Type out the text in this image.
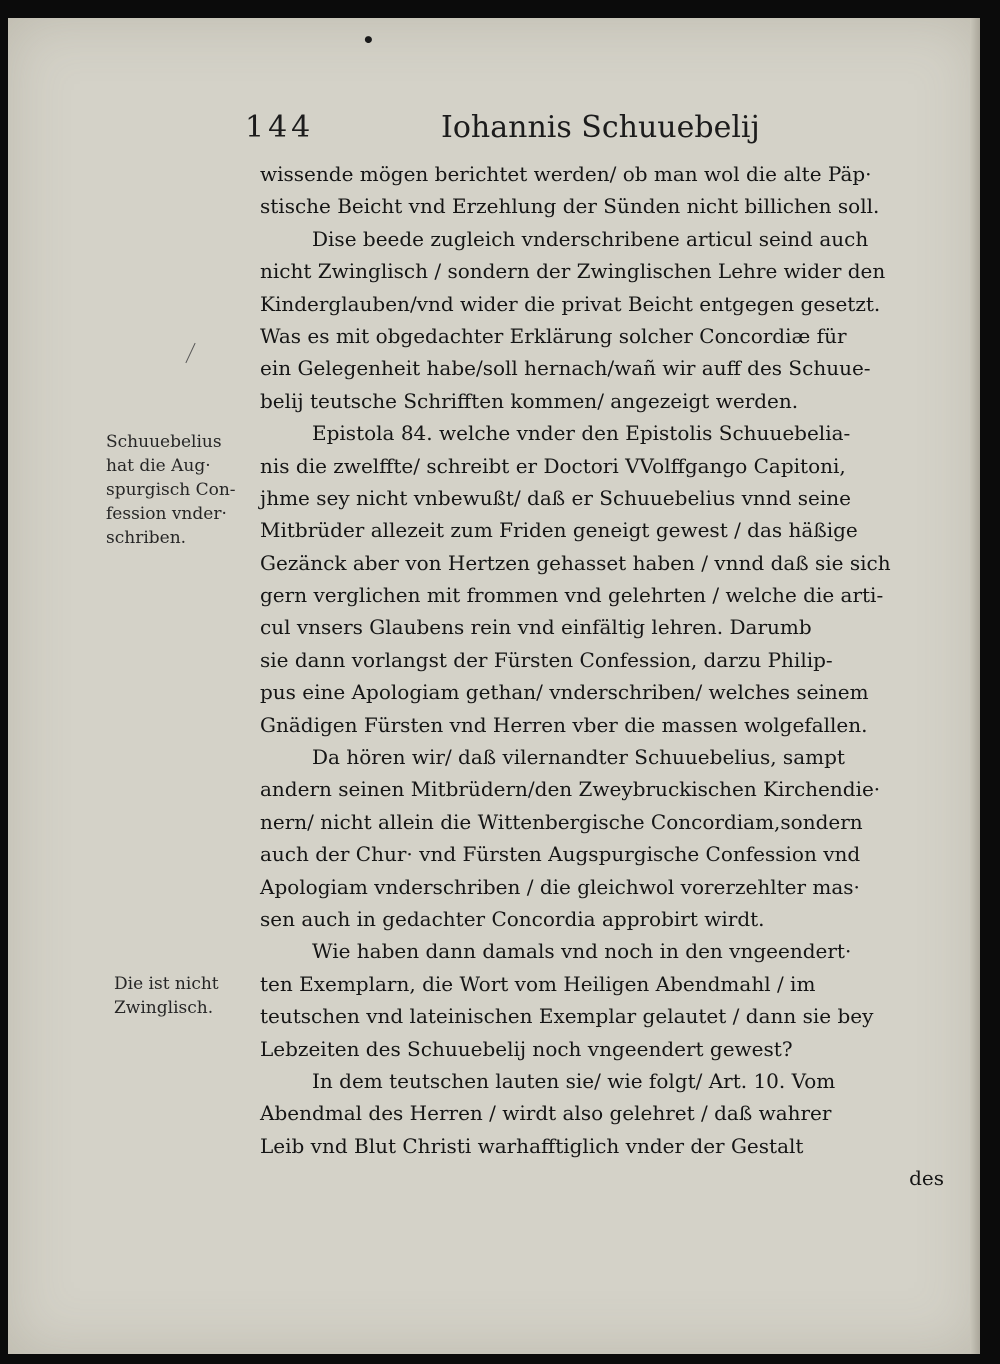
•
144	Iohannis Schuuebelij
Schuuebelius
hat die Aug·
spurgisch Con-
fession vnder·
schriben.
Die ist nicht
Zwinglisch.
wissende mögen berichtet werden/ ob man wol die alte Päp·
stische Beicht vnd Erzehlung der Sünden nicht billichen soll.
Dise beede zugleich vnderschribene articul seind auch
nicht Zwinglisch / sondern der Zwinglischen Lehre wider den
Kinderglauben/vnd wider die privat Beicht entgegen gesetzt.
Was es mit obgedachter Erklärung solcher Concordiæ für
ein Gelegenheit habe/soll hernach/wañ wir auff des Schuue-
belij teutsche Schrifften kommen/ angezeigt werden.
Epistola 84. welche vnder den Epistolis Schuuebelia-
nis die zwelffte/ schreibt er Doctori VVolffgango Capitoni,
jhme sey nicht vnbewußt/ daß er Schuuebelius vnnd seine
Mitbrüder allezeit zum Friden geneigt gewest / das häßige
Gezänck aber von Hertzen gehasset haben / vnnd daß sie sich
gern verglichen mit frommen vnd gelehrten / welche die arti-
cul vnsers Glaubens rein vnd einfältig lehren. Darumb
sie dann vorlangst der Fürsten Confession, darzu Philip-
pus eine Apologiam gethan/ vnderschriben/ welches seinem
Gnädigen Fürsten vnd Herren vber die massen wolgefallen.
Da hören wir/ daß vilernandter Schuuebelius, sampt
andern seinen Mitbrüdern/den Zweybruckischen Kirchendie·
nern/ nicht allein die Wittenbergische Concordiam,sondern
auch der Chur· vnd Fürsten Augspurgische Confession vnd
Apologiam vnderschriben / die gleichwol vorerzehlter mas·
sen auch in gedachter Concordia approbirt wirdt.
Wie haben dann damals vnd noch in den vngeendert·
ten Exemplarn, die Wort vom Heiligen Abendmahl / im
teutschen vnd lateinischen Exemplar gelautet / dann sie bey
Lebzeiten des Schuuebelij noch vngeendert gewest?
In dem teutschen lauten sie/ wie folgt/ Art. 10. Vom
Abendmal des Herren / wirdt also gelehret / daß wahrer
Leib vnd Blut Christi warhafftiglich vnder der Gestalt
des
